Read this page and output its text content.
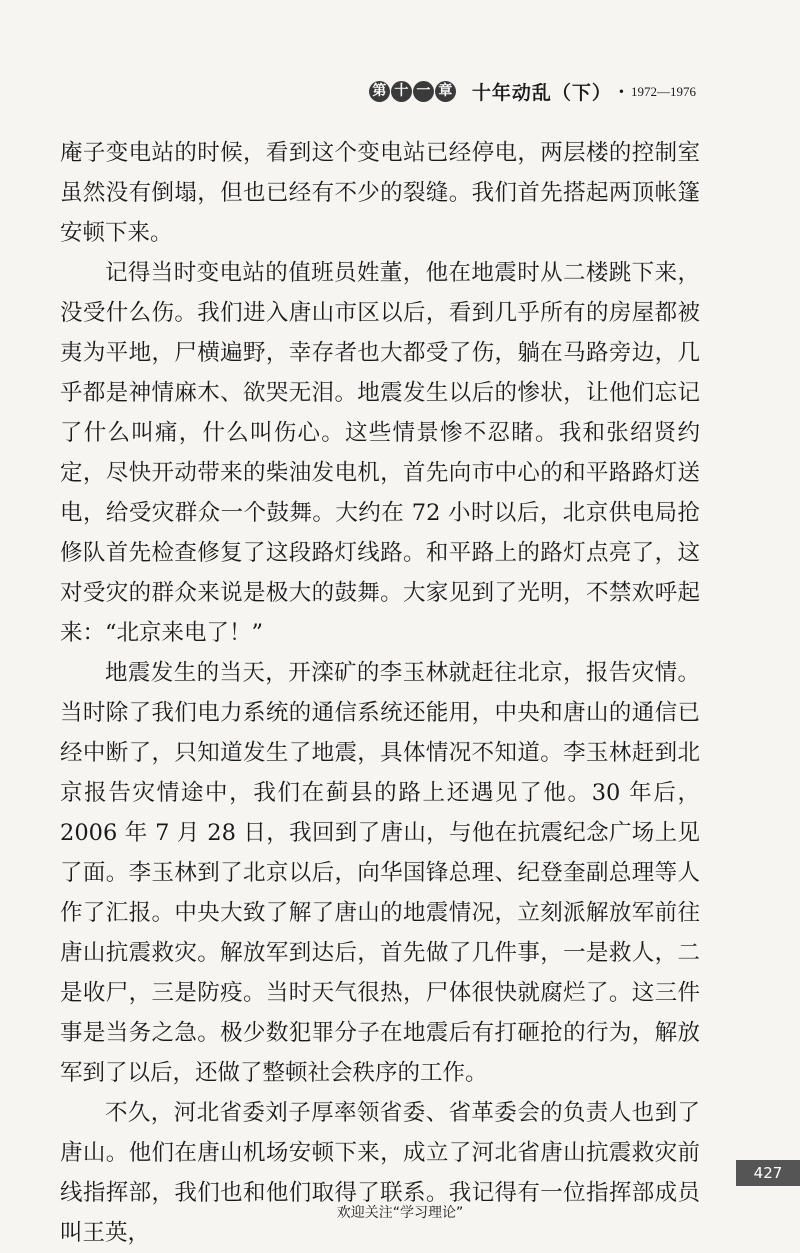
第 十 一 章 十年动乱（下） • 1972—1976

庵子变电站的时候，看到这个变电站已经停电，两层楼的控制室虽然没有倒塌，但也已经有不少的裂缝。我们首先搭起两顶帐篷安顿下来。

记得当时变电站的值班员姓董，他在地震时从二楼跳下来，没受什么伤。我们进入唐山市区以后，看到几乎所有的房屋都被夷为平地，尸横遍野，幸存者也大都受了伤，躺在马路旁边，几乎都是神情麻木、欲哭无泪。地震发生以后的惨状，让他们忘记了什么叫痛，什么叫伤心。这些情景惨不忍睹。我和张绍贤约定，尽快开动带来的柴油发电机，首先向市中心的和平路路灯送电，给受灾群众一个鼓舞。大约在 72 小时以后，北京供电局抢修队首先检查修复了这段路灯线路。和平路上的路灯点亮了，这对受灾的群众来说是极大的鼓舞。大家见到了光明，不禁欢呼起来：“北京来电了！”

地震发生的当天，开滦矿的李玉林就赶往北京，报告灾情。当时除了我们电力系统的通信系统还能用，中央和唐山的通信已经中断了，只知道发生了地震，具体情况不知道。李玉林赶到北京报告灾情途中，我们在蓟县的路上还遇见了他。30 年后，2006 年 7 月 28 日，我回到了唐山，与他在抗震纪念广场上见了面。李玉林到了北京以后，向华国锋总理、纪登奎副总理等人作了汇报。中央大致了解了唐山的地震情况，立刻派解放军前往唐山抗震救灾。解放军到达后，首先做了几件事，一是救人，二是收尸，三是防疫。当时天气很热，尸体很快就腐烂了。这三件事是当务之急。极少数犯罪分子在地震后有打砸抢的行为，解放军到了以后，还做了整顿社会秩序的工作。

不久，河北省委刘子厚率领省委、省革委会的负责人也到了唐山。他们在唐山机场安顿下来，成立了河北省唐山抗震救灾前线指挥部，我们也和他们取得了联系。我记得有一位指挥部成员叫王英，

427
欢迎关注“学习理论”
